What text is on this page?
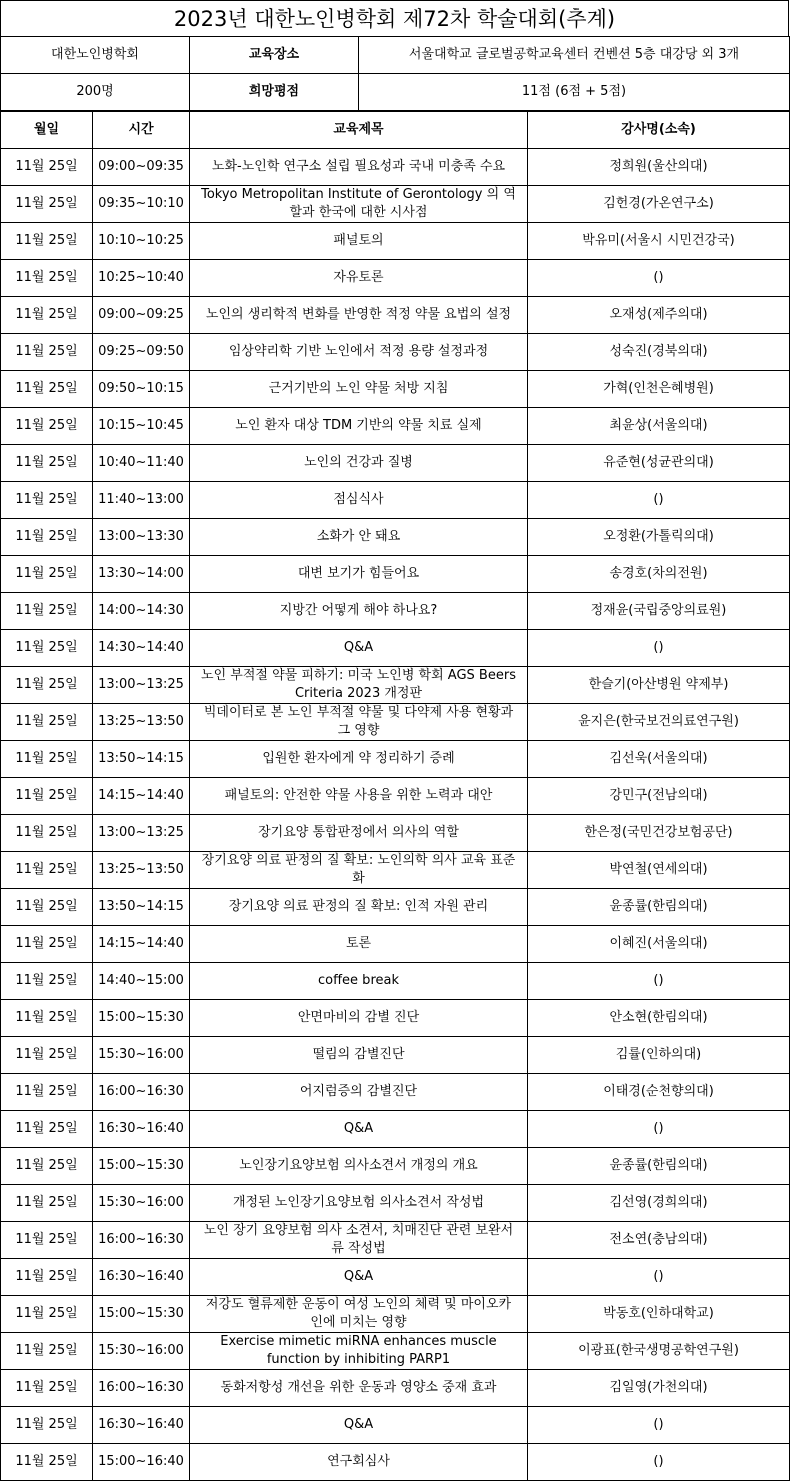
2023년 대한노인병학회 제72차 학술대회(추계)
대한노인병학회	교육장소	서울대학교 글로벌공학교육센터 컨벤션 5층 대강당 외 3개
200명	희망평점	11점 (6점 + 5점)
월일	시간	교육제목	강사명(소속)
11월 25일	09:00~09:35	노화-노인학 연구소 설립 필요성과 국내 미충족 수요	정희원(울산의대)
11월 25일	09:35~10:10	Tokyo Metropolitan Institute of Gerontology 의 역할과 한국에 대한 시사점	김헌경(가온연구소)
11월 25일	10:10~10:25	패널토의	박유미(서울시 시민건강국)
11월 25일	10:25~10:40	자유토론	()
11월 25일	09:00~09:25	노인의 생리학적 변화를 반영한 적정 약물 요법의 설정	오재성(제주의대)
11월 25일	09:25~09:50	임상약리학 기반 노인에서 적정 용량 설정과정	성숙진(경북의대)
11월 25일	09:50~10:15	근거기반의 노인 약물 처방 지침	가혁(인천은혜병원)
11월 25일	10:15~10:45	노인 환자 대상 TDM 기반의 약물 치료 실제	최윤상(서울의대)
11월 25일	10:40~11:40	노인의 건강과 질병	유준현(성균관의대)
11월 25일	11:40~13:00	점심식사	()
11월 25일	13:00~13:30	소화가 안 돼요	오정환(가톨릭의대)
11월 25일	13:30~14:00	대변 보기가 힘들어요	송경호(차의전원)
11월 25일	14:00~14:30	지방간 어떻게 해야 하나요?	정재윤(국립중앙의료원)
11월 25일	14:30~14:40	Q&A	()
11월 25일	13:00~13:25	노인 부적절 약물 피하기: 미국 노인병 학회 AGS Beers Criteria 2023 개정판	한슬기(아산병원 약제부)
11월 25일	13:25~13:50	빅데이터로 본 노인 부적절 약물 및 다약제 사용 현황과 그 영향	윤지은(한국보건의료연구원)
11월 25일	13:50~14:15	입원한 환자에게 약 정리하기 증례	김선욱(서울의대)
11월 25일	14:15~14:40	패널토의: 안전한 약물 사용을 위한 노력과 대안	강민구(전남의대)
11월 25일	13:00~13:25	장기요양 통합판정에서 의사의 역할	한은정(국민건강보험공단)
11월 25일	13:25~13:50	장기요양 의료 판정의 질 확보: 노인의학 의사 교육 표준화	박연철(연세의대)
11월 25일	13:50~14:15	장기요양 의료 판정의 질 확보: 인적 자원 관리	윤종률(한림의대)
11월 25일	14:15~14:40	토론	이혜진(서울의대)
11월 25일	14:40~15:00	coffee break	()
11월 25일	15:00~15:30	안면마비의 감별 진단	안소현(한림의대)
11월 25일	15:30~16:00	떨림의 감별진단	김률(인하의대)
11월 25일	16:00~16:30	어지럼증의 감별진단	이태경(순천향의대)
11월 25일	16:30~16:40	Q&A	()
11월 25일	15:00~15:30	노인장기요양보험 의사소견서 개정의 개요	윤종률(한림의대)
11월 25일	15:30~16:00	개정된 노인장기요양보험 의사소견서 작성법	김선영(경희의대)
11월 25일	16:00~16:30	노인 장기 요양보험 의사 소견서, 치매진단 관련 보완서류 작성법	전소연(충남의대)
11월 25일	16:30~16:40	Q&A	()
11월 25일	15:00~15:30	저강도 혈류제한 운동이 여성 노인의 체력 및 마이오카인에 미치는 영향	박동호(인하대학교)
11월 25일	15:30~16:00	Exercise mimetic miRNA enhances muscle function by inhibiting PARP1	이광표(한국생명공학연구원)
11월 25일	16:00~16:30	동화저항성 개선을 위한 운동과 영양소 중재 효과	김일영(가천의대)
11월 25일	16:30~16:40	Q&A	()
11월 25일	15:00~16:40	연구회심사	()
